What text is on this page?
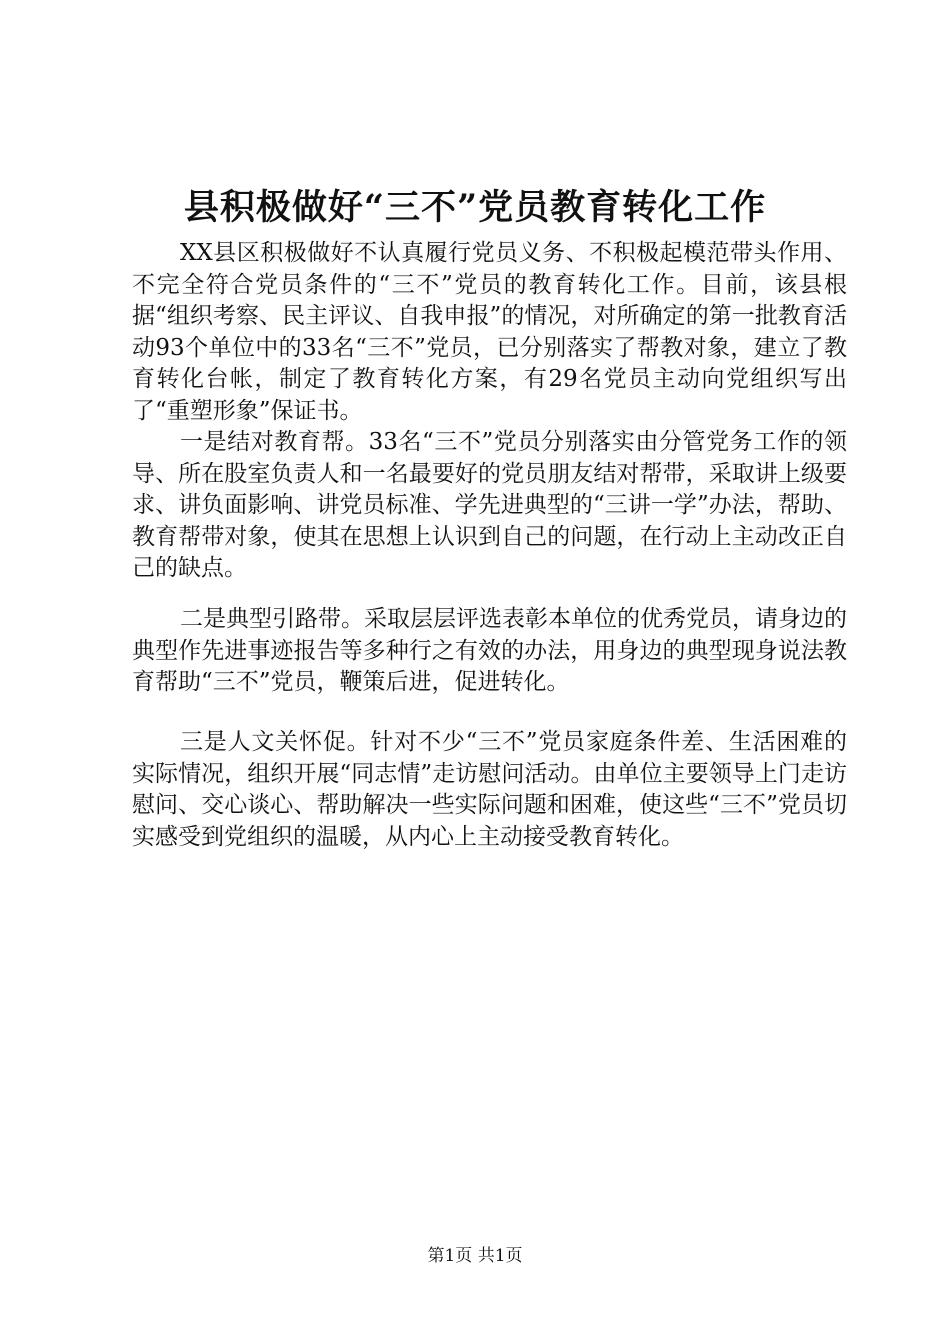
县积极做好“三不”党员教育转化工作

XX县区积极做好不认真履行党员义务、不积极起模范带头作用、不完全符合党员条件的“三不”党员的教育转化工作。目前，该县根据“组织考察、民主评议、自我申报”的情况，对所确定的第一批教育活动93个单位中的33名“三不”党员，已分别落实了帮教对象，建立了教育转化台帐，制定了教育转化方案，有29名党员主动向党组织写出了“重塑形象”保证书。

一是结对教育帮。33名“三不”党员分别落实由分管党务工作的领导、所在股室负责人和一名最要好的党员朋友结对帮带，采取讲上级要求、讲负面影响、讲党员标准、学先进典型的“三讲一学”办法，帮助、教育帮带对象，使其在思想上认识到自己的问题，在行动上主动改正自己的缺点。

二是典型引路带。采取层层评选表彰本单位的优秀党员，请身边的典型作先进事迹报告等多种行之有效的办法，用身边的典型现身说法教育帮助“三不”党员，鞭策后进，促进转化。

三是人文关怀促。针对不少“三不”党员家庭条件差、生活困难的实际情况，组织开展“同志情”走访慰问活动。由单位主要领导上门走访慰问、交心谈心、帮助解决一些实际问题和困难，使这些“三不”党员切实感受到党组织的温暖，从内心上主动接受教育转化。

第1页 共1页
